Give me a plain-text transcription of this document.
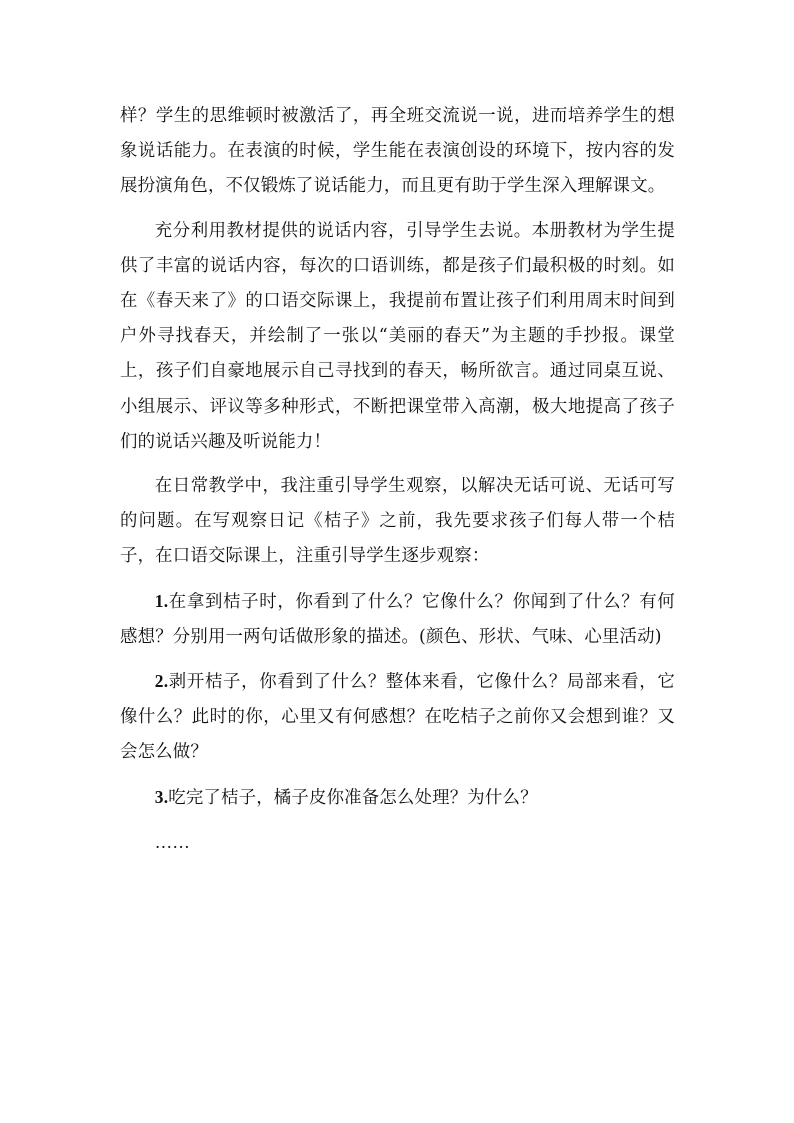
样？学生的思维顿时被激活了，再全班交流说一说，进而培养学生的想象说话能力。在表演的时候，学生能在表演创设的环境下，按内容的发展扮演角色，不仅锻炼了说话能力，而且更有助于学生深入理解课文。

充分利用教材提供的说话内容，引导学生去说。本册教材为学生提供了丰富的说话内容，每次的口语训练，都是孩子们最积极的时刻。如在《春天来了》的口语交际课上，我提前布置让孩子们利用周末时间到户外寻找春天，并绘制了一张以“美丽的春天”为主题的手抄报。课堂上，孩子们自豪地展示自己寻找到的春天，畅所欲言。通过同桌互说、小组展示、评议等多种形式，不断把课堂带入高潮，极大地提高了孩子们的说话兴趣及听说能力！

在日常教学中，我注重引导学生观察，以解决无话可说、无话可写的问题。在写观察日记《桔子》之前，我先要求孩子们每人带一个桔子，在口语交际课上，注重引导学生逐步观察：

1.在拿到桔子时，你看到了什么？它像什么？你闻到了什么？有何感想？分别用一两句话做形象的描述。(颜色、形状、气味、心里活动)

2.剥开桔子，你看到了什么？整体来看，它像什么？局部来看，它像什么？此时的你，心里又有何感想？在吃桔子之前你又会想到谁？又会怎么做？

3.吃完了桔子，橘子皮你准备怎么处理？为什么？

……
